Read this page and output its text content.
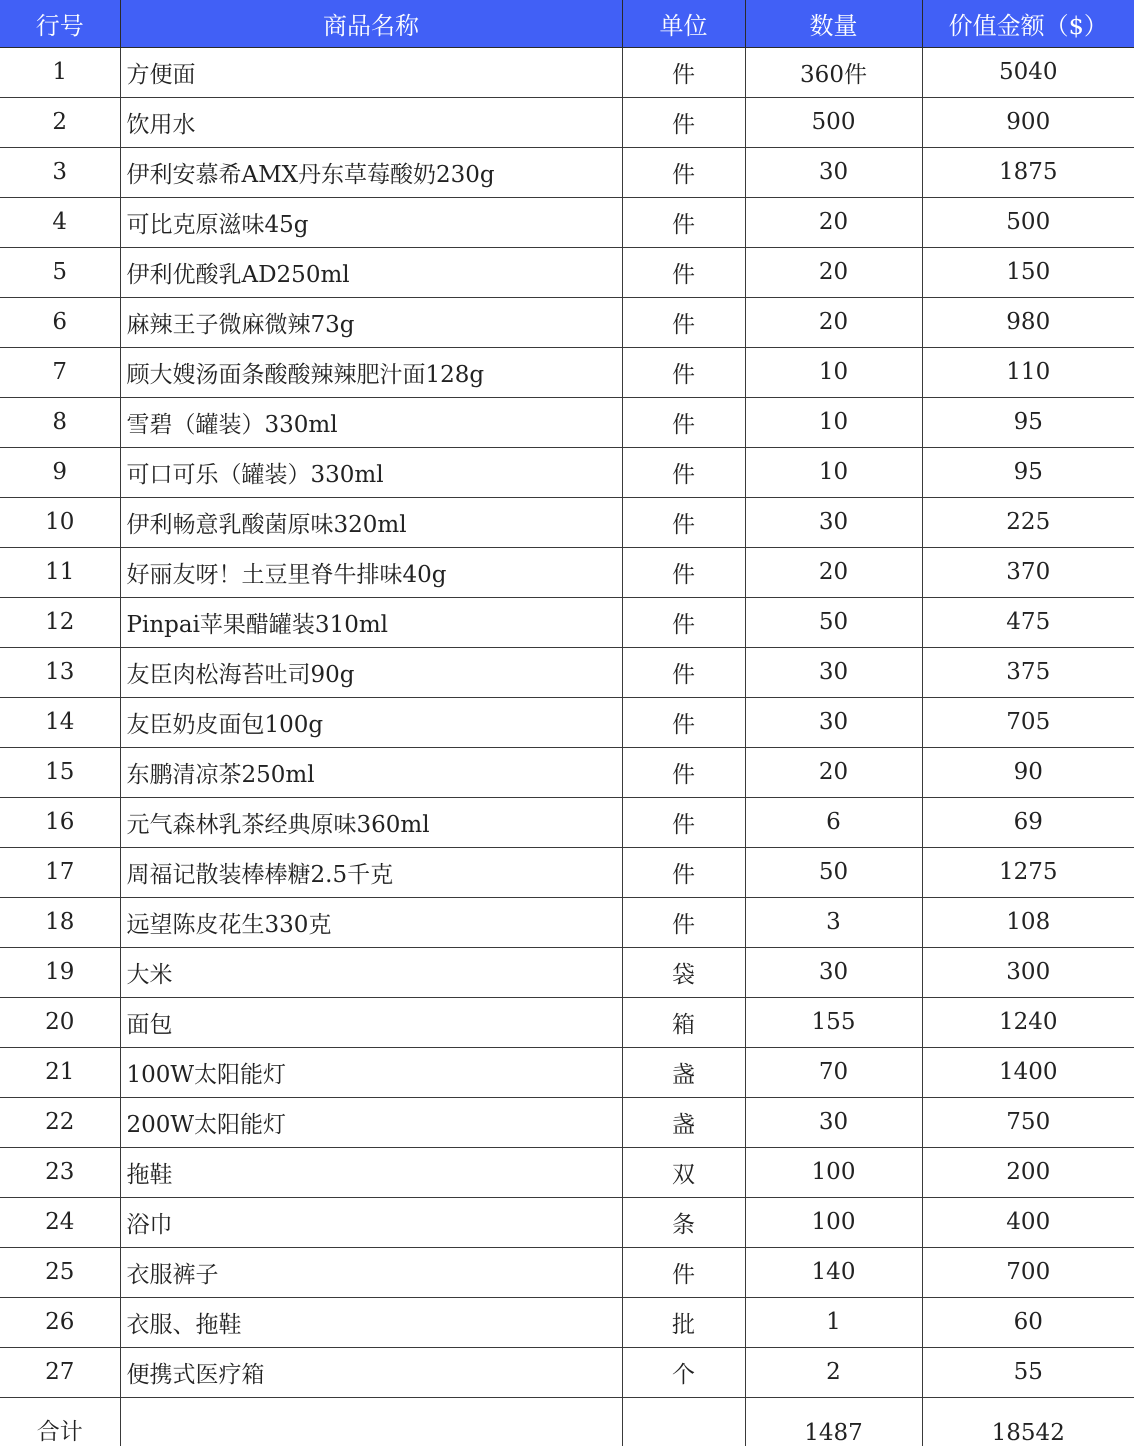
行号	商品名称	单位	数量	价值金额（$）
1	方便面	件	360件	5040
2	饮用水	件	500	900
3	伊利安慕希AMX丹东草莓酸奶230g	件	30	1875
4	可比克原滋味45g	件	20	500
5	伊利优酸乳AD250ml	件	20	150
6	麻辣王子微麻微辣73g	件	20	980
7	顾大嫂汤面条酸酸辣辣肥汁面128g	件	10	110
8	雪碧（罐装）330ml	件	10	95
9	可口可乐（罐装）330ml	件	10	95
10	伊利畅意乳酸菌原味320ml	件	30	225
11	好丽友呀！土豆里脊牛排味40g	件	20	370
12	Pinpai苹果醋罐装310ml	件	50	475
13	友臣肉松海苔吐司90g	件	30	375
14	友臣奶皮面包100g	件	30	705
15	东鹏清凉茶250ml	件	20	90
16	元气森林乳茶经典原味360ml	件	6	69
17	周福记散装棒棒糖2.5千克	件	50	1275
18	远望陈皮花生330克	件	3	108
19	大米	袋	30	300
20	面包	箱	155	1240
21	100W太阳能灯	盏	70	1400
22	200W太阳能灯	盏	30	750
23	拖鞋	双	100	200
24	浴巾	条	100	400
25	衣服裤子	件	140	700
26	衣服、拖鞋	批	1	60
27	便携式医疗箱	个	2	55
合计			1487	18542
